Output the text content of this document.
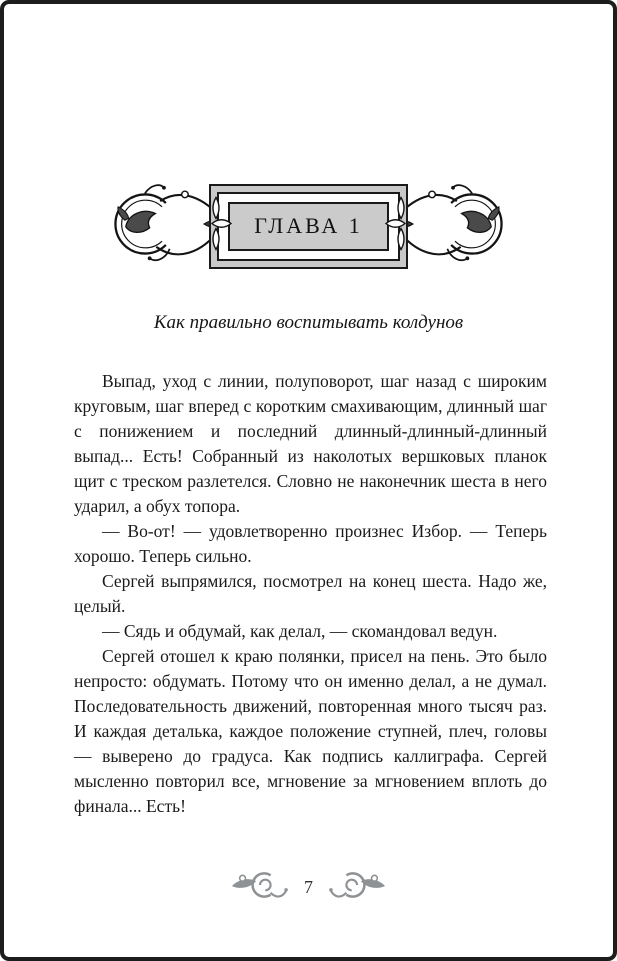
ГЛАВА 1
Как правильно воспитывать колдунов

Выпад, уход с линии, полуповорот, шаг назад с широким круговым, шаг вперед с коротким смахивающим, длинный шаг с понижением и последний длинный-длинный-длинный выпад... Есть! Собранный из наколотых вершковых планок щит с треском разлетелся. Словно не наконечник шеста в него ударил, а обух топора.

— Во-от! — удовлетворенно произнес Избор. — Теперь хорошо. Теперь сильно.

Сергей выпрямился, посмотрел на конец шеста. Надо же, целый.

— Сядь и обдумай, как делал, — скомандовал ведун.

Сергей отошел к краю полянки, присел на пень. Это было непросто: обдумать. Потому что он именно делал, а не думал. Последовательность движений, повторенная много тысяч раз. И каждая деталька, каждое положение ступней, плеч, головы — выверено до градуса. Как подпись каллиграфа. Сергей мысленно повторил все, мгновение за мгновением вплоть до финала... Есть!

7
